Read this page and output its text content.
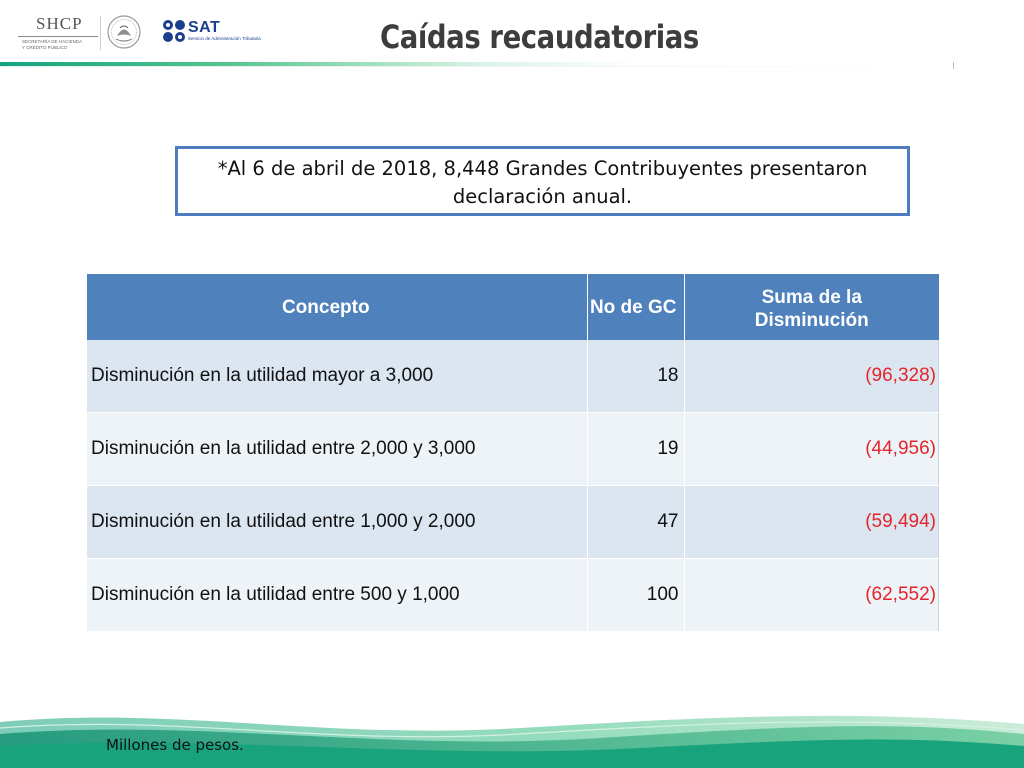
SHCP
SECRETARÍA DE HACIENDA
Y CRÉDITO PÚBLICO
SAT
Servicio de Administración Tributaria	Caídas recaudatorias
*Al 6 de abril de 2018, 8,448 Grandes Contribuyentes presentaron
declaración anual.
Concepto	No de GC	Suma de la
Disminución

Disminución en la utilidad mayor a 3,000	18	(96,328)
Disminución en la utilidad entre 2,000 y 3,000	19	(44,956)
Disminución en la utilidad entre 1,000 y 2,000	47	(59,494)
Disminución en la utilidad entre 500 y 1,000	100	(62,552)
Millones de pesos.
